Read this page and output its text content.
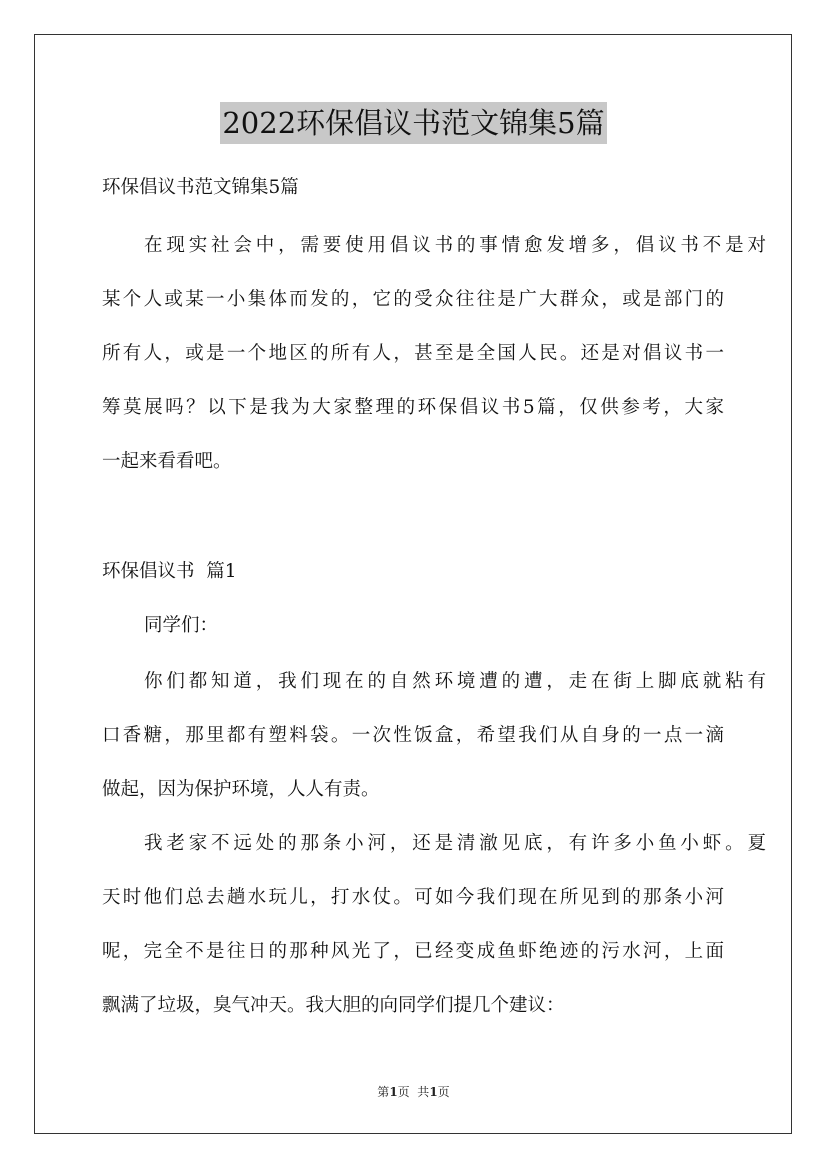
2022环保倡议书范文锦集5篇
环保倡议书范文锦集5篇
在现实社会中，需要使用倡议书的事情愈发增多，倡议书不是对
某个人或某一小集体而发的，它的受众往往是广大群众，或是部门的
所有人，或是一个地区的所有人，甚至是全国人民。还是对倡议书一
筹莫展吗？以下是我为大家整理的环保倡议书5篇，仅供参考，大家
一起来看看吧。
环保倡议书  篇1
同学们：
你们都知道，我们现在的自然环境遭的遭，走在街上脚底就粘有
口香糖，那里都有塑料袋。一次性饭盒，希望我们从自身的一点一滴
做起，因为保护环境，人人有责。
我老家不远处的那条小河，还是清澈见底，有许多小鱼小虾。夏
天时他们总去趟水玩儿，打水仗。可如今我们现在所见到的那条小河
呢，完全不是往日的那种风光了，已经变成鱼虾绝迹的污水河，上面
飘满了垃圾，臭气冲天。我大胆的向同学们提几个建议：
第1页  共1页
